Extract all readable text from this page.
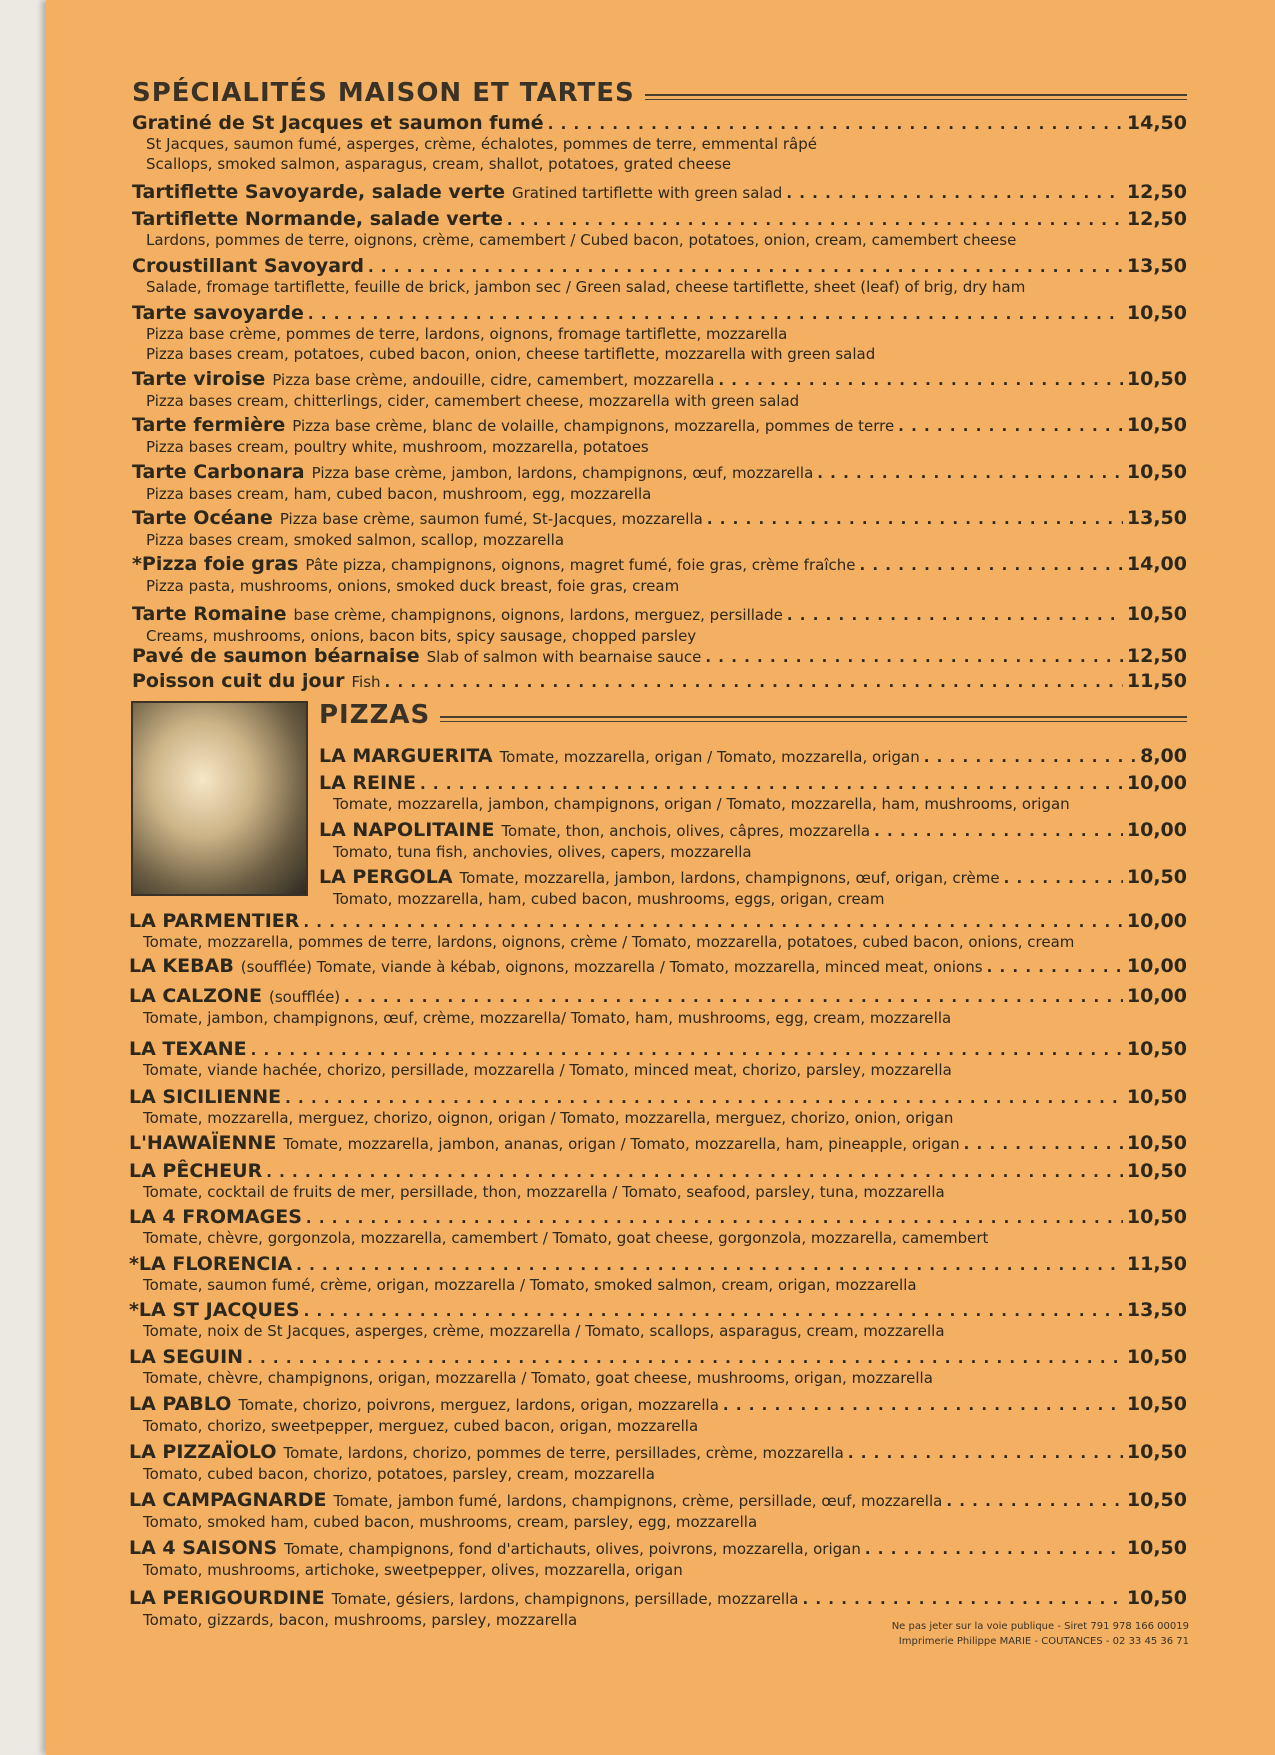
SPÉCIALITÉS MAISON ET TARTES
PIZZAS
Ne pas jeter sur la voie publique - Siret 791 978 166 00019
Imprimerie Philippe MARIE - COUTANCES - 02 33 45 36 71
Gratiné de St Jacques et saumon fumé . . .	14,50
St Jacques, saumon fumé, asperges, crème, échalotes, pommes de terre, emmental râpé
Scallops, smoked salmon, asparagus, cream, shallot, potatoes, grated cheese
Tartiflette Savoyarde, salade verte Gratined tartiflette with green salad . . .	12,50
Tartiflette Normande, salade verte . . .	12,50
Lardons, pommes de terre, oignons, crème, camembert / Cubed bacon, potatoes, onion, cream, camembert cheese
Croustillant Savoyard . . .	13,50
Salade, fromage tartiflette, feuille de brick, jambon sec / Green salad, cheese tartiflette, sheet (leaf) of brig, dry ham
Tarte savoyarde . . .	10,50
Pizza base crème, pommes de terre, lardons, oignons, fromage tartiflette, mozzarella
Pizza bases cream, potatoes, cubed bacon, onion, cheese tartiflette, mozzarella with green salad
Tarte viroise Pizza base crème, andouille, cidre, camembert, mozzarella . . .	10,50
Pizza bases cream, chitterlings, cider, camembert cheese, mozzarella with green salad
Tarte fermière Pizza base crème, blanc de volaille, champignons, mozzarella, pommes de terre . . .	10,50
Pizza bases cream, poultry white, mushroom, mozzarella, potatoes
Tarte Carbonara Pizza base crème, jambon, lardons, champignons, œuf, mozzarella . . .	10,50
Pizza bases cream, ham, cubed bacon, mushroom, egg, mozzarella
Tarte Océane Pizza base crème, saumon fumé, St-Jacques, mozzarella . . .	13,50
Pizza bases cream, smoked salmon, scallop, mozzarella
*Pizza foie gras Pâte pizza, champignons, oignons, magret fumé, foie gras, crème fraîche . . .	14,00
Pizza pasta, mushrooms, onions, smoked duck breast, foie gras, cream
Tarte Romaine base crème, champignons, oignons, lardons, merguez, persillade . . .	10,50
Creams, mushrooms, onions, bacon bits, spicy sausage, chopped parsley
Pavé de saumon béarnaise Slab of salmon with bearnaise sauce . . .	12,50
Poisson cuit du jour Fish . . .	11,50
LA MARGUERITA Tomate, mozzarella, origan / Tomato, mozzarella, origan . . .	8,00
LA REINE . . .	10,00
Tomate, mozzarella, jambon, champignons, origan / Tomato, mozzarella, ham, mushrooms, origan
LA NAPOLITAINE Tomate, thon, anchois, olives, câpres, mozzarella . . .	10,00
Tomato, tuna fish, anchovies, olives, capers, mozzarella
LA PERGOLA Tomate, mozzarella, jambon, lardons, champignons, œuf, origan, crème . . .	10,50
Tomato, mozzarella, ham, cubed bacon, mushrooms, eggs, origan, cream
LA PARMENTIER . . .	10,00
Tomate, mozzarella, pommes de terre, lardons, oignons, crème / Tomato, mozzarella, potatoes, cubed bacon, onions, cream
LA KEBAB (soufflée) Tomate, viande à kébab, oignons, mozzarella / Tomato, mozzarella, minced meat, onions . . .	10,00
LA CALZONE (soufflée) . . .	10,00
Tomate, jambon, champignons, œuf, crème, mozzarella/ Tomato, ham, mushrooms, egg, cream, mozzarella
LA TEXANE . . .	10,50
Tomate, viande hachée, chorizo, persillade, mozzarella / Tomato, minced meat, chorizo, parsley, mozzarella
LA SICILIENNE . . .	10,50
Tomate, mozzarella, merguez, chorizo, oignon, origan / Tomato, mozzarella, merguez, chorizo, onion, origan
L'HAWAÏENNE Tomate, mozzarella, jambon, ananas, origan / Tomato, mozzarella, ham, pineapple, origan . . .	10,50
LA PÊCHEUR . . .	10,50
Tomate, cocktail de fruits de mer, persillade, thon, mozzarella / Tomato, seafood, parsley, tuna, mozzarella
LA 4 FROMAGES . . .	10,50
Tomate, chèvre, gorgonzola, mozzarella, camembert / Tomato, goat cheese, gorgonzola, mozzarella, camembert
*LA FLORENCIA . . .	11,50
Tomate, saumon fumé, crème, origan, mozzarella / Tomato, smoked salmon, cream, origan, mozzarella
*LA ST JACQUES . . .	13,50
Tomate, noix de St Jacques, asperges, crème, mozzarella / Tomato, scallops, asparagus, cream, mozzarella
LA SEGUIN . . .	10,50
Tomate, chèvre, champignons, origan, mozzarella / Tomato, goat cheese, mushrooms, origan, mozzarella
LA PABLO Tomate, chorizo, poivrons, merguez, lardons, origan, mozzarella . . .	10,50
Tomato, chorizo, sweetpepper, merguez, cubed bacon, origan, mozzarella
LA PIZZAÏOLO Tomate, lardons, chorizo, pommes de terre, persillades, crème, mozzarella . . .	10,50
Tomato, cubed bacon, chorizo, potatoes, parsley, cream, mozzarella
LA CAMPAGNARDE Tomate, jambon fumé, lardons, champignons, crème, persillade, œuf, mozzarella . . .	10,50
Tomato, smoked ham, cubed bacon, mushrooms, cream, parsley, egg, mozzarella
LA 4 SAISONS Tomate, champignons, fond d'artichauts, olives, poivrons, mozzarella, origan . . .	10,50
Tomato, mushrooms, artichoke, sweetpepper, olives, mozzarella, origan
LA PERIGOURDINE Tomate, gésiers, lardons, champignons, persillade, mozzarella . . .	10,50
Tomato, gizzards, bacon, mushrooms, parsley, mozzarella
